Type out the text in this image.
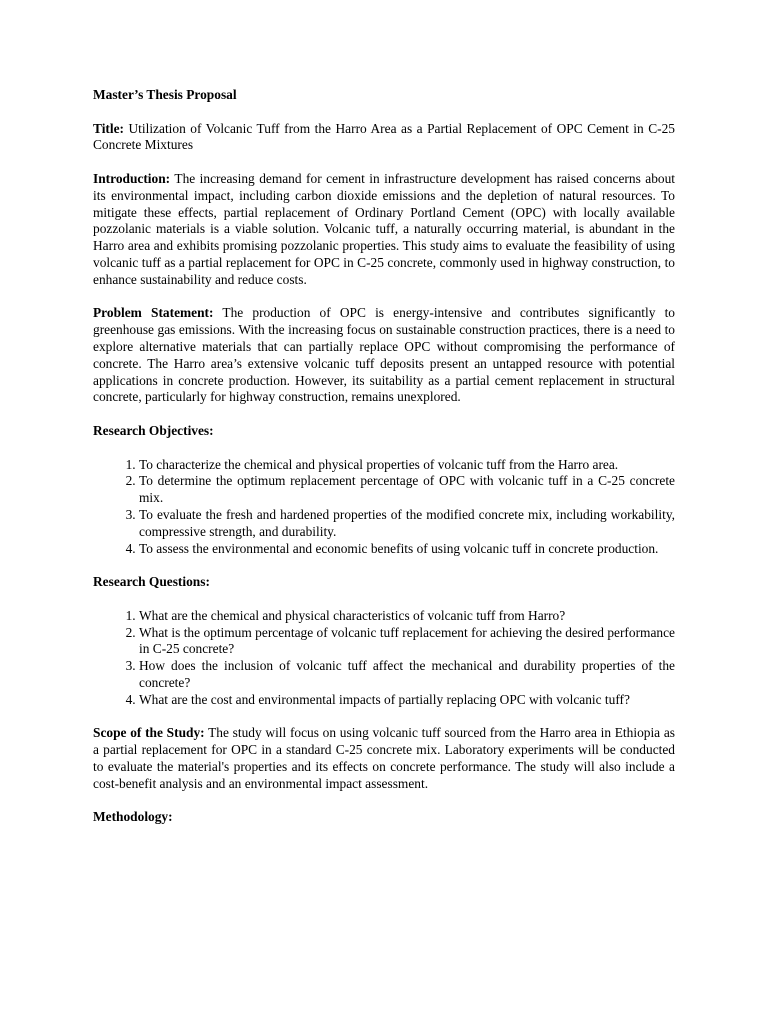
Master’s Thesis Proposal

Title: Utilization of Volcanic Tuff from the Harro Area as a Partial Replacement of OPC Cement in C-25 Concrete Mixtures

Introduction: The increasing demand for cement in infrastructure development has raised concerns about its environmental impact, including carbon dioxide emissions and the depletion of natural resources. To mitigate these effects, partial replacement of Ordinary Portland Cement (OPC) with locally available pozzolanic materials is a viable solution. Volcanic tuff, a naturally occurring material, is abundant in the Harro area and exhibits promising pozzolanic properties. This study aims to evaluate the feasibility of using volcanic tuff as a partial replacement for OPC in C-25 concrete, commonly used in highway construction, to enhance sustainability and reduce costs.

Problem Statement: The production of OPC is energy-intensive and contributes significantly to greenhouse gas emissions. With the increasing focus on sustainable construction practices, there is a need to explore alternative materials that can partially replace OPC without compromising the performance of concrete. The Harro area’s extensive volcanic tuff deposits present an untapped resource with potential applications in concrete production. However, its suitability as a partial cement replacement in structural concrete, particularly for highway construction, remains unexplored.

Research Objectives:
1. To characterize the chemical and physical properties of volcanic tuff from the Harro area.
2. To determine the optimum replacement percentage of OPC with volcanic tuff in a C-25 concrete mix.
3. To evaluate the fresh and hardened properties of the modified concrete mix, including workability, compressive strength, and durability.
4. To assess the environmental and economic benefits of using volcanic tuff in concrete production.
Research Questions:
1. What are the chemical and physical characteristics of volcanic tuff from Harro?
2. What is the optimum percentage of volcanic tuff replacement for achieving the desired performance in C-25 concrete?
3. How does the inclusion of volcanic tuff affect the mechanical and durability properties of the concrete?
4. What are the cost and environmental impacts of partially replacing OPC with volcanic tuff?

Scope of the Study: The study will focus on using volcanic tuff sourced from the Harro area in Ethiopia as a partial replacement for OPC in a standard C-25 concrete mix. Laboratory experiments will be conducted to evaluate the material's properties and its effects on concrete performance. The study will also include a cost-benefit analysis and an environmental impact assessment.

Methodology:
